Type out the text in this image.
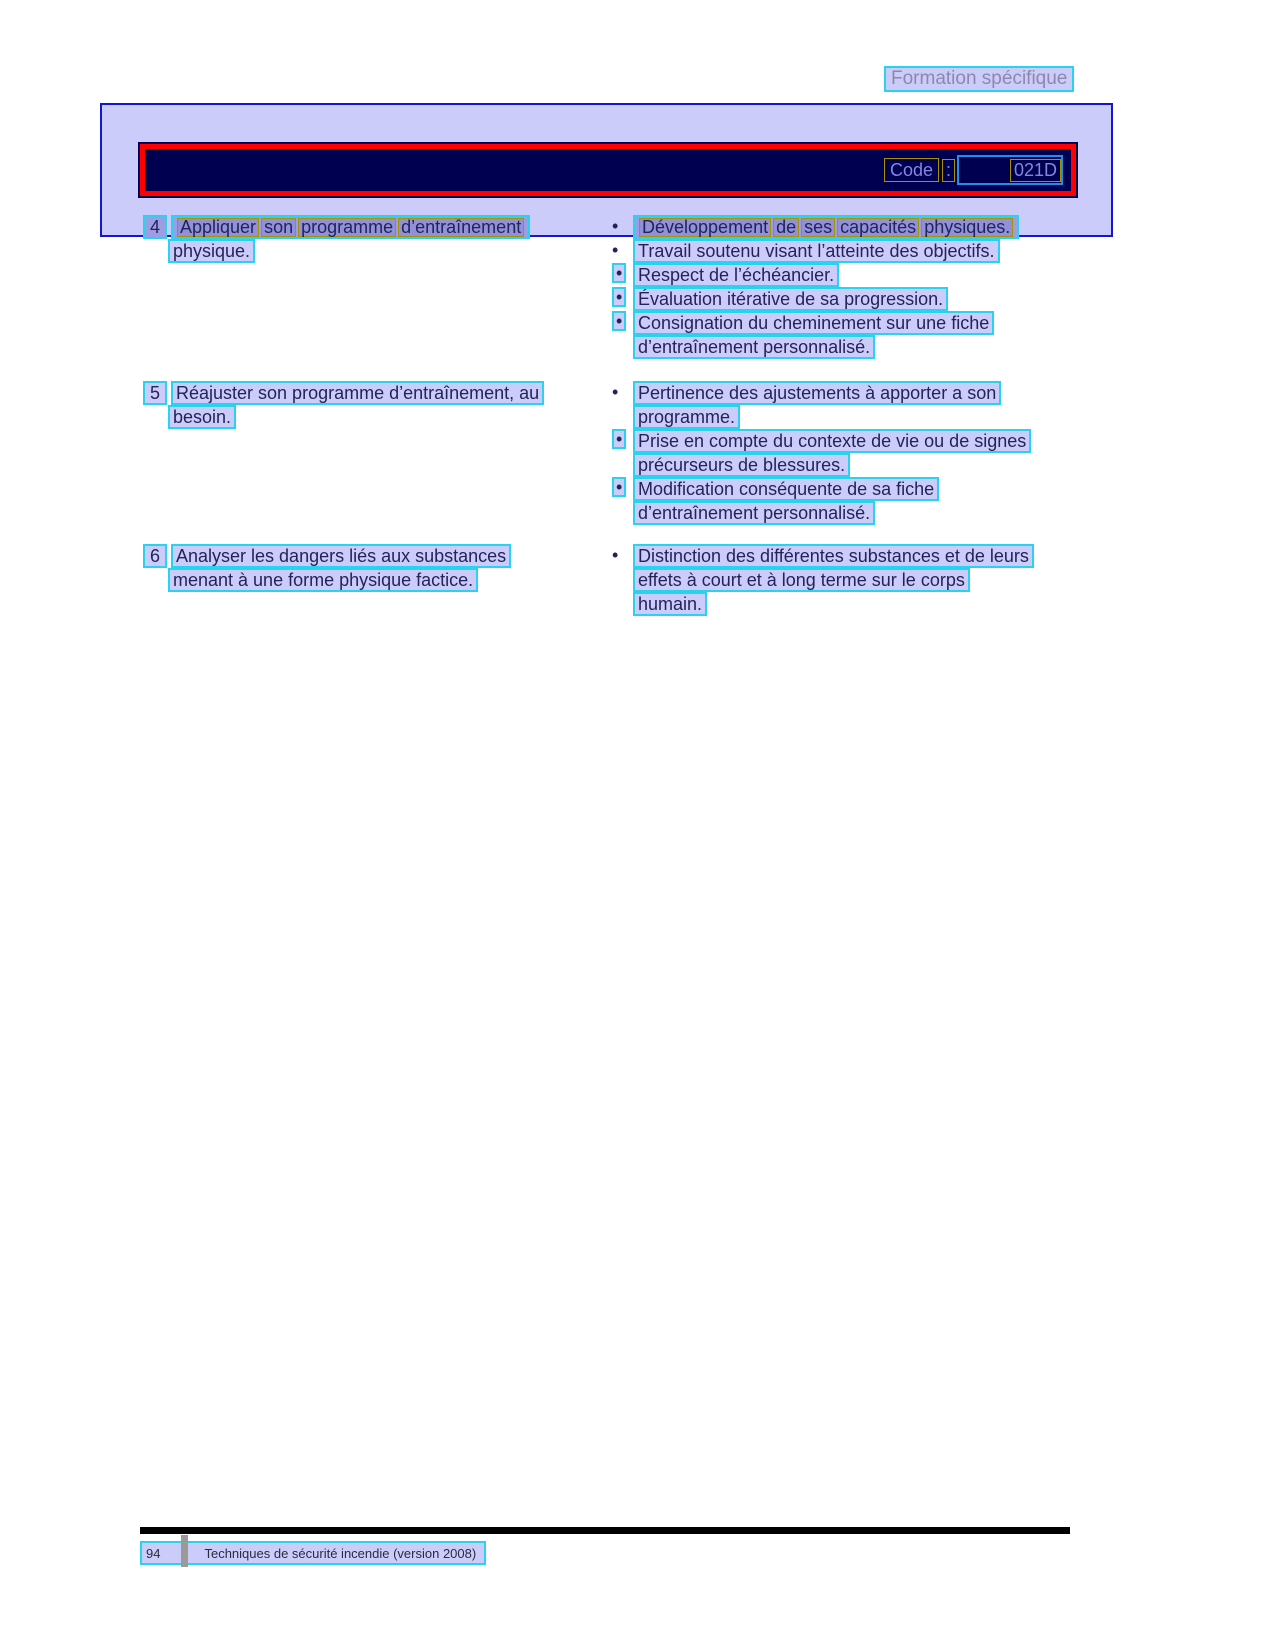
Formation spécifique
Code :	021D
4 Appliquer son programme d’entraînement
physique.
•	Développement de ses capacités physiques.
• Travail soutenu visant l’atteinte des objectifs.
• Respect de l’échéancier.
• Évaluation itérative de sa progression.
• Consignation du cheminement sur une fiche
d’entraînement personnalisé.
5 Réajuster son programme d’entraînement, au
besoin.
• Pertinence des ajustements à apporter a son
programme.
• Prise en compte du contexte de vie ou de signes
précurseurs de blessures.
• Modification conséquente de sa fiche
d’entraînement personnalisé.
6 Analyser les dangers liés aux substances
menant à une forme physique factice.
• Distinction des différentes substances et de leurs
effets à court et à long terme sur le corps
humain.
94	Techniques de sécurité incendie (version 2008)
